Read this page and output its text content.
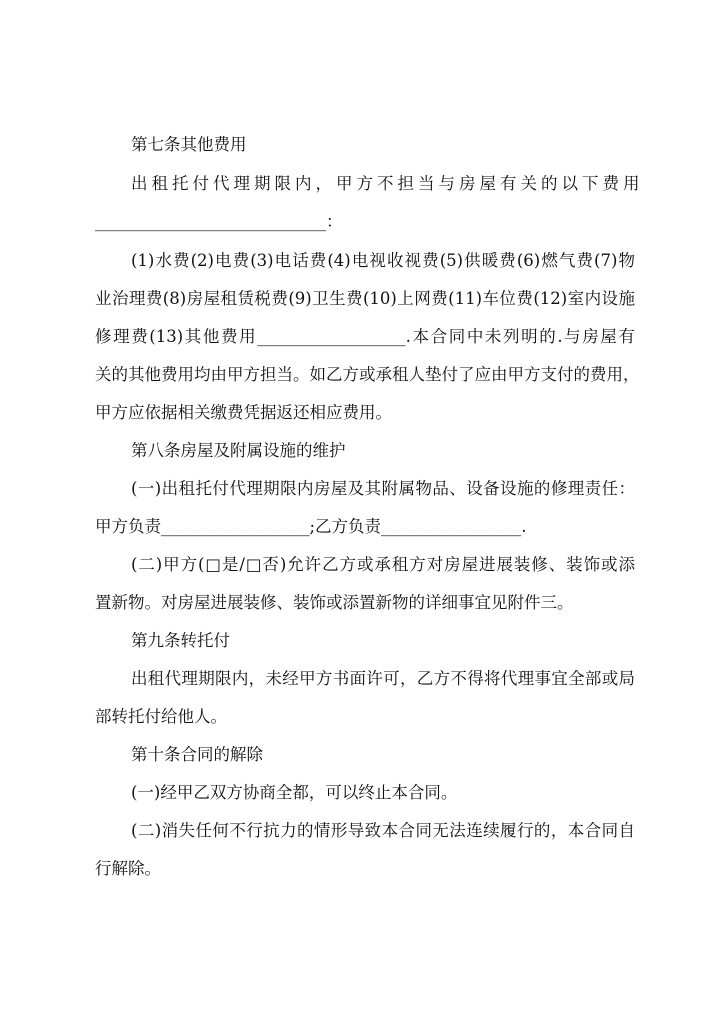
第七条其他费用
出租托付代理期限内，甲方不担当与房屋有关的以下费用
____________________________：
(1)水费(2)电费(3)电话费(4)电视收视费(5)供暖费(6)燃气费(7)物
业治理费(8)房屋租赁税费(9)卫生费(10)上网费(11)车位费(12)室内设施
修理费(13)其他费用__________________.本合同中未列明的.与房屋有
关的其他费用均由甲方担当。如乙方或承租人垫付了应由甲方支付的费用，
甲方应依据相关缴费凭据返还相应费用。
第八条房屋及附属设施的维护
(一)出租托付代理期限内房屋及其附属物品、设备设施的修理责任：
甲方负责__________________;乙方负责_________________.
(二)甲方(□是/□否)允许乙方或承租方对房屋进展装修、装饰或添
置新物。对房屋进展装修、装饰或添置新物的详细事宜见附件三。
第九条转托付
出租代理期限内，未经甲方书面许可，乙方不得将代理事宜全部或局
部转托付给他人。
第十条合同的解除
(一)经甲乙双方协商全都，可以终止本合同。
(二)消失任何不行抗力的情形导致本合同无法连续履行的，本合同自
行解除。
